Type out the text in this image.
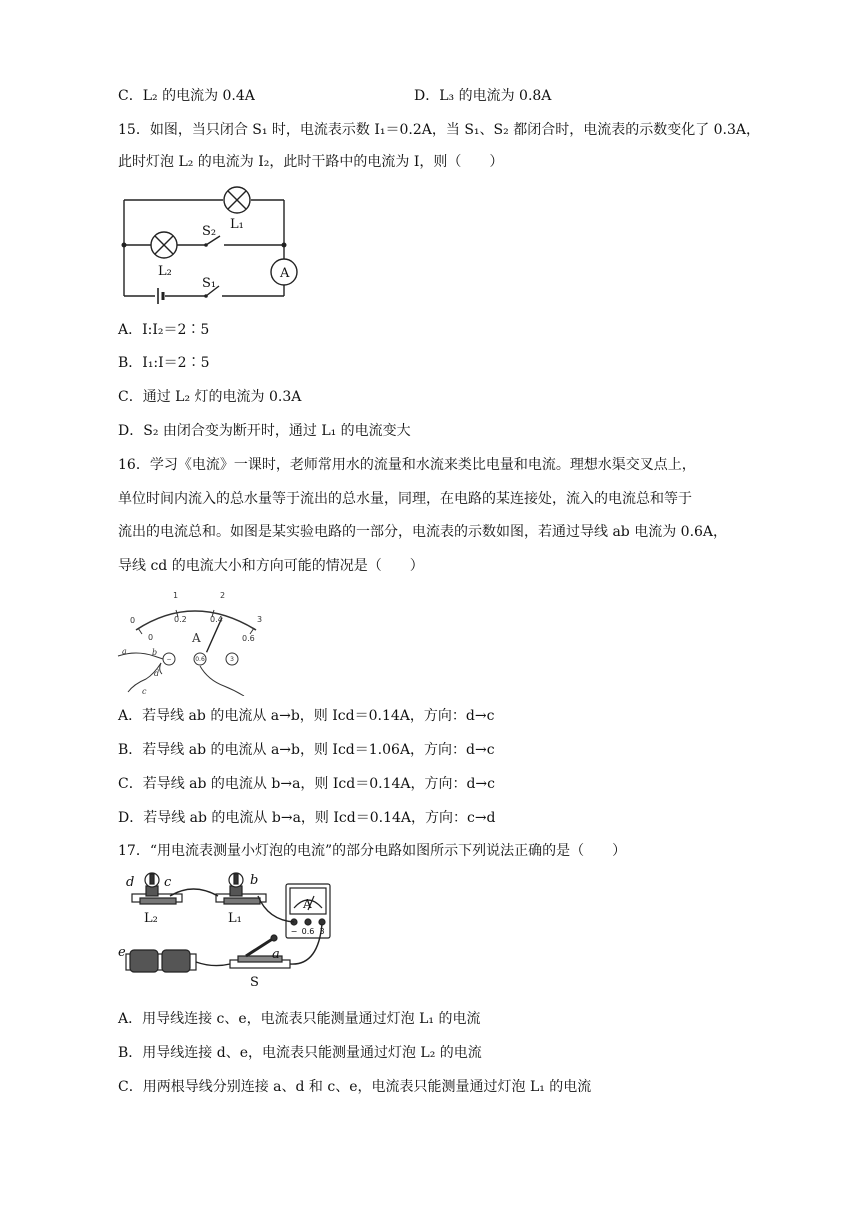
C．L₂ 的电流为 0.4A	D．L₃ 的电流为 0.8A
15．如图，当只闭合 S₁ 时，电流表示数 I₁＝0.2A，当 S₁、S₂ 都闭合时，电流表的示数变化了 0.3A，
此时灯泡 L₂ 的电流为 I₂，此时干路中的电流为 I，则（　　）
A
L₁
L₂
S₂
S₁
A．I:I₂＝2∶5
B．I₁:I＝2∶5
C．通过 L₂ 灯的电流为 0.3A
D．S₂ 由闭合变为断开时，通过 L₁ 的电流变大
16．学习《电流》一课时，老师常用水的流量和水流来类比电量和电流。理想水渠交叉点上，
单位时间内流入的总水量等于流出的总水量，同理，在电路的某连接处，流入的电流总和等于
流出的电流总和。如图是某实验电路的一部分，电流表的示数如图，若通过导线 ab 电流为 0.6A，
导线 cd 的电流大小和方向可能的情况是（　　）
0
1	2
3
0
0.2	0.4
0.6
A
−	0.6	3
a	b
c
d
A．若导线 ab 的电流从 a→b，则 Icd＝0.14A，方向：d→c
B．若导线 ab 的电流从 a→b，则 Icd＝1.06A，方向：d→c
C．若导线 ab 的电流从 b→a，则 Icd＝0.14A，方向：d→c
D．若导线 ab 的电流从 b→a，则 Icd＝0.14A，方向：c→d
17．“用电流表测量小灯泡的电流”的部分电路如图所示下列说法正确的是（　　）
d c	b
e	a
L₂	L₁
S
A
− 0.6 3
A．用导线连接 c、e，电流表只能测量通过灯泡 L₁ 的电流
B．用导线连接 d、e，电流表只能测量通过灯泡 L₂ 的电流
C．用两根导线分别连接 a、d 和 c、e，电流表只能测量通过灯泡 L₁ 的电流
